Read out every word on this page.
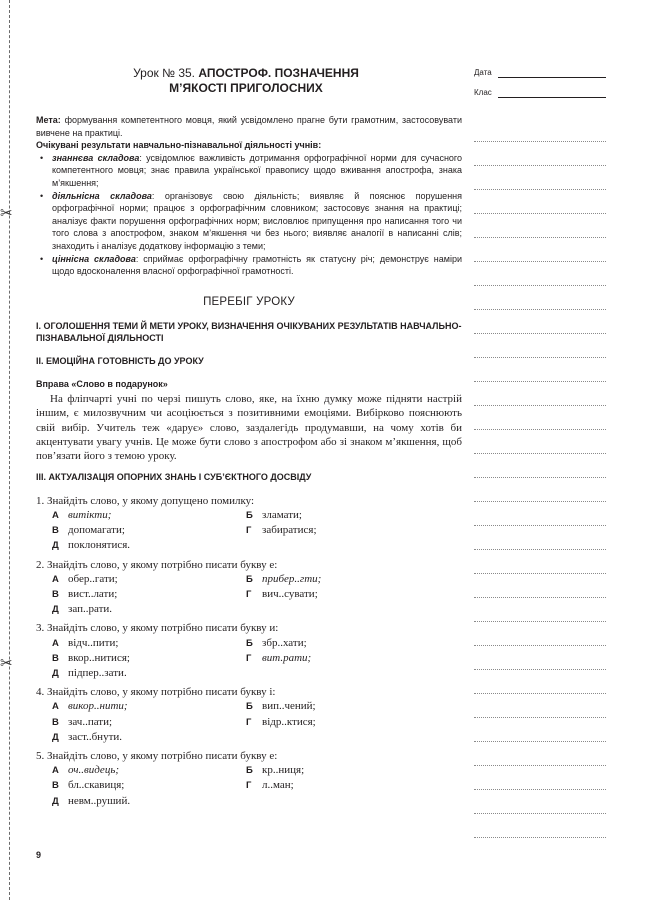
✂
✂
Урок № 35. АПОСТРОФ. ПОЗНАЧЕННЯ
М’ЯКОСТІ ПРИГОЛОСНИХ
Дата
Клас

Мета: формування компетентного мовця, який усвідомлено прагне бути грамотним, застосовувати вивчене на практиці.

Очікувані результати навчально-пізнавальної діяльності учнів:

• знаннєва складова: усвідомлює важливість дотримання орфографічної норми для сучасного компетентного мовця; знає правила української правопису щодо вживання апострофа, знака м’якшення;
• діяльнісна складова: організовує свою діяльність; виявляє й пояснює порушення орфографічної норми; працює з орфографічним словником; застосовує знання на практиці; аналізує факти порушення орфографічних норм; висловлює припущення про написання того чи того слова з апострофом, знаком м’якшення чи без нього; виявляє аналогії в написанні слів; знаходить і аналізує додаткову інформацію з теми;
• ціннісна складова: сприймає орфографічну грамотність як статусну річ; демонструє наміри щодо вдосконалення власної орфографічної грамотності.
ПЕРЕБІГ УРОКУ
I. ОГОЛОШЕННЯ ТЕМИ Й МЕТИ УРОКУ, ВИЗНАЧЕННЯ ОЧІКУВАНИХ РЕЗУЛЬТАТІВ НАВЧАЛЬНО-ПІЗНАВАЛЬНОЇ ДІЯЛЬНОСТІ
II. ЕМОЦІЙНА ГОТОВНІСТЬ ДО УРОКУ
Вправа «Слово в подарунок»

На фліпчарті учні по черзі пишуть слово, яке, на їхню думку може підняти настрій іншим, є милозвучним чи асоціюється з позитивними емоціями. Вибірково пояснюють свій вибір. Учитель теж «дарує» слово, заздалегідь продумавши, на чому хотів би акцентувати увагу учнів. Це може бути слово з апострофом або зі знаком м’якшення, щоб пов’язати його з темою уроку.

III. АКТУАЛІЗАЦІЯ ОПОРНИХ ЗНАНЬ І СУБ’ЄКТНОГО ДОСВІДУ
1. Знайдіть слово, у якому допущено помилку:
А витікти;	Б зламати;
В допомагати;	Г забиратися;
Д поклонятися.
2. Знайдіть слово, у якому потрібно писати букву е:
А обер..гати;	Б прибер..гти;
В вист..лати;	Г вич..сувати;
Д зап..рати.
3. Знайдіть слово, у якому потрібно писати букву и:
А відч..пити;	Б збр..хати;
В вкор..нитися;	Г вит.рати;
Д підпер..зати.
4. Знайдіть слово, у якому потрібно писати букву і:
А викор..нити;	Б вип..чений;
В зач..пати;	Г відр..ктися;
Д заст..бнути.
5. Знайдіть слово, у якому потрібно писати букву е:
А оч..видець;	Б кр..ниця;
В бл..скавиця;	Г л..ман;
Д невм..руший.
9
